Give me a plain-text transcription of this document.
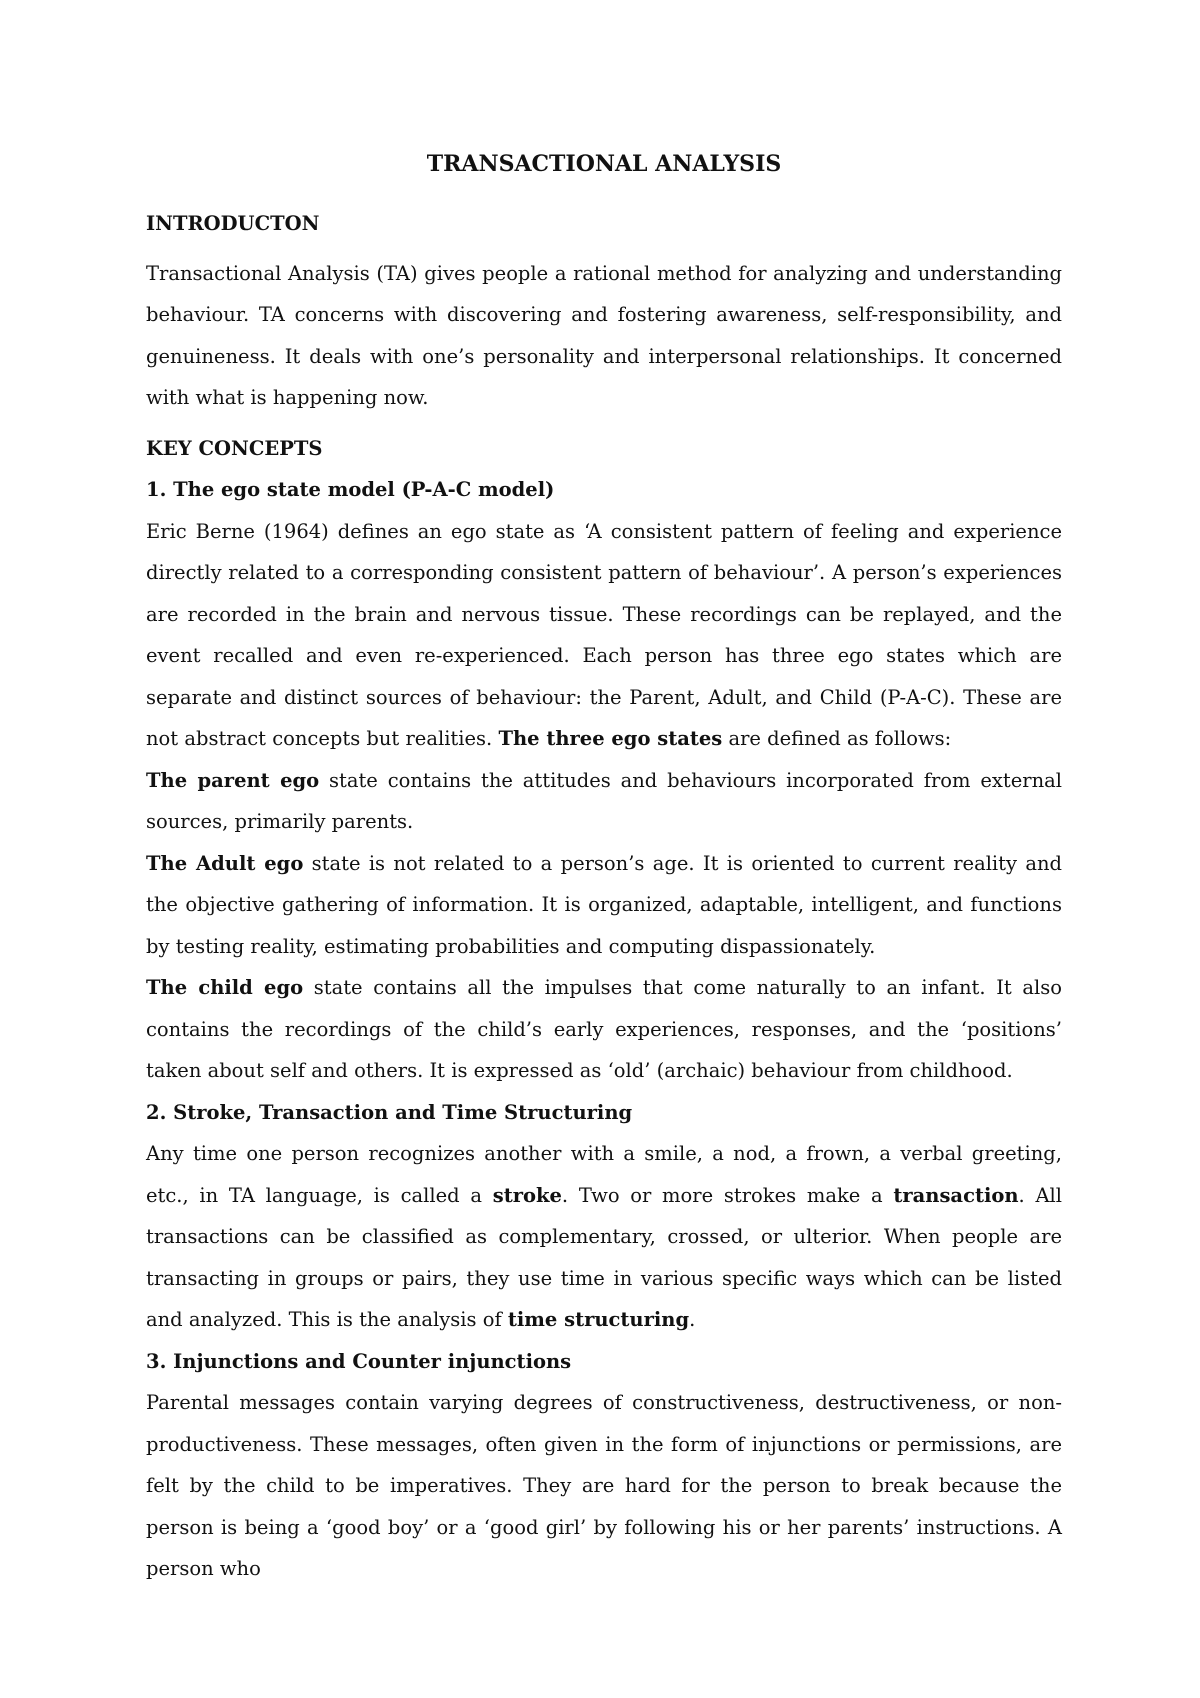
TRANSACTIONAL ANALYSIS
INTRODUCTON

Transactional Analysis (TA) gives people a rational method for analyzing and understanding behaviour. TA concerns with discovering and fostering awareness, self-responsibility, and genuineness. It deals with one’s personality and interpersonal relationships. It concerned with what is happening now.

KEY CONCEPTS
1. The ego state model (P-A-C model)

Eric Berne (1964) defines an ego state as ‘A consistent pattern of feeling and experience directly related to a corresponding consistent pattern of behaviour’. A person’s experiences are recorded in the brain and nervous tissue. These recordings can be replayed, and the event recalled and even re-experienced. Each person has three ego states which are separate and distinct sources of behaviour: the Parent, Adult, and Child (P-A-C). These are not abstract concepts but realities. The three ego states are defined as follows:

The parent ego state contains the attitudes and behaviours incorporated from external sources, primarily parents.

The Adult ego state is not related to a person’s age. It is oriented to current reality and the objective gathering of information. It is organized, adaptable, intelligent, and functions by testing reality, estimating probabilities and computing dispassionately.

The child ego state contains all the impulses that come naturally to an infant. It also contains the recordings of the child’s early experiences, responses, and the ‘positions’ taken about self and others. It is expressed as ‘old’ (archaic) behaviour from childhood.

2. Stroke, Transaction and Time Structuring

Any time one person recognizes another with a smile, a nod, a frown, a verbal greeting, etc., in TA language, is called a stroke. Two or more strokes make a transaction. All transactions can be classified as complementary, crossed, or ulterior. When people are transacting in groups or pairs, they use time in various specific ways which can be listed and analyzed. This is the analysis of time structuring.

3. Injunctions and Counter injunctions

Parental messages contain varying degrees of constructiveness, destructiveness, or non-productiveness. These messages, often given in the form of injunctions or permissions, are felt by the child to be imperatives. They are hard for the person to break because the person is being a ‘good boy’ or a ‘good girl’ by following his or her parents’ instructions. A person who
